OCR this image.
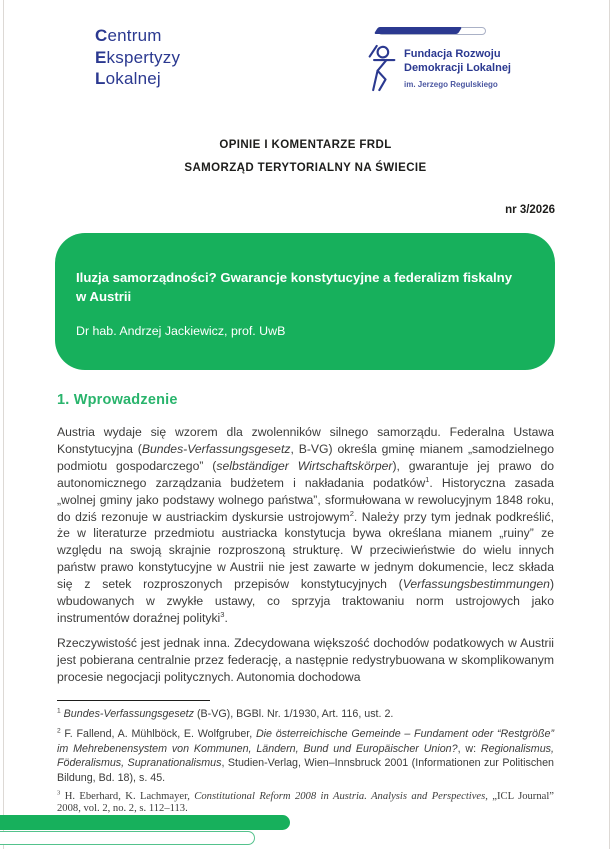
Centrum
Ekspertyzy
Lokalnej
Fundacja Rozwoju
Demokracji Lokalnej
im. Jerzego Regulskiego
OPINIE I KOMENTARZE FRDL
SAMORZĄD TERYTORIALNY NA ŚWIECIE
nr 3/2026
Iluzja samorządności? Gwarancje konstytucyjne a federalizm fiskalny w Austrii
Dr hab. Andrzej Jackiewicz, prof. UwB
1. Wprowadzenie

Austria wydaje się wzorem dla zwolenników silnego samorządu. Federalna Ustawa Konstytucyjna (Bundes-Verfassungsgesetz, B-VG) określa gminę mianem „samodzielnego podmiotu gospodarczego” (selbständiger Wirtschaftskörper), gwarantuje jej prawo do autonomicznego zarządzania budżetem i nakładania podatków$^1$. Historyczna zasada „wolnej gminy jako podstawy wolnego państwa”, sformułowana w rewolucyjnym 1848 roku, do dziś rezonuje w austriackim dyskursie ustrojowym$^2$. Należy przy tym jednak podkreślić, że w literaturze przedmiotu austriacka konstytucja bywa określana mianem „ruiny” ze względu na swoją skrajnie rozproszoną strukturę. W przeciwieństwie do wielu innych państw prawo konstytucyjne w Austrii nie jest zawarte w jednym dokumencie, lecz składa się z setek rozproszonych przepisów konstytucyjnych (Verfassungsbestimmungen) wbudowanych w zwykłe ustawy, co sprzyja traktowaniu norm ustrojowych jako instrumentów doraźnej polityki$^3$.

Rzeczywistość jest jednak inna. Zdecydowana większość dochodów podatkowych w Austrii jest pobierana centralnie przez federację, a następnie redystrybuowana w skomplikowanym procesie negocjacji politycznych. Autonomia dochodowa

$^1$ Bundes-Verfassungsgesetz (B-VG), BGBl. Nr. 1/1930, Art. 116, ust. 2.

$^2$ F. Fallend, A. Mühlböck, E. Wolfgruber, Die österreichische Gemeinde – Fundament oder “Restgröße” im Mehrebenensystem von Kommunen, Ländern, Bund und Europäischer Union?, w: Regionalismus, Föderalismus, Supranationalismus, Studien-Verlag, Wien–Innsbruck 2001 (Informationen zur Politischen Bildung, Bd. 18), s. 45.

$^3$ H. Eberhard, K. Lachmayer, Constitutional Reform 2008 in Austria. Analysis and Perspectives, „ICL Journal” 2008, vol. 2, no. 2, s. 112–113.
